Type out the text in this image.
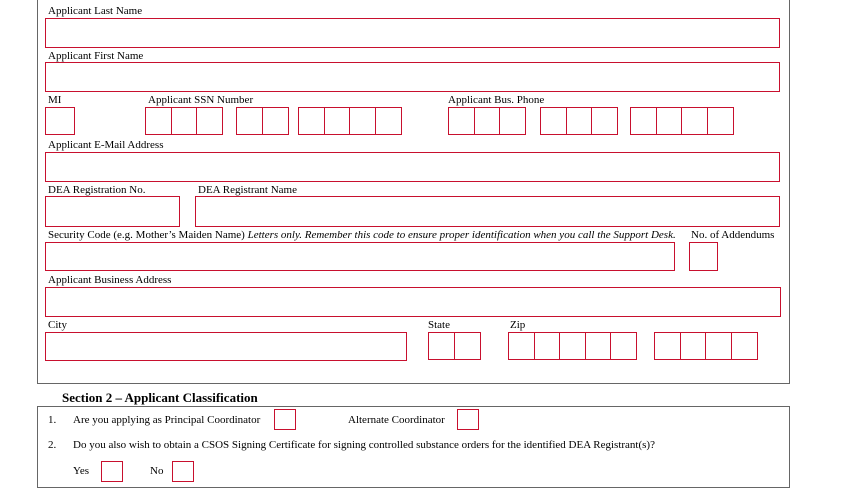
Applicant Last Name
Applicant First Name
MI	Applicant SSN Number	Applicant Bus. Phone
Applicant E-Mail Address
DEA Registration No.	DEA Registrant Name
Security Code (e.g. Mother’s Maiden Name) Letters only. Remember this code to ensure proper identification when you call the Support Desk. No. of Addendums
Applicant Business Address
City	State	Zip
Section 2 – Applicant Classification
1. Are you applying as Principal Coordinator	Alternate Coordinator
2. Do you also wish to obtain a CSOS Signing Certificate for signing controlled substance orders for the identified DEA Registrant(s)?
Yes	No
